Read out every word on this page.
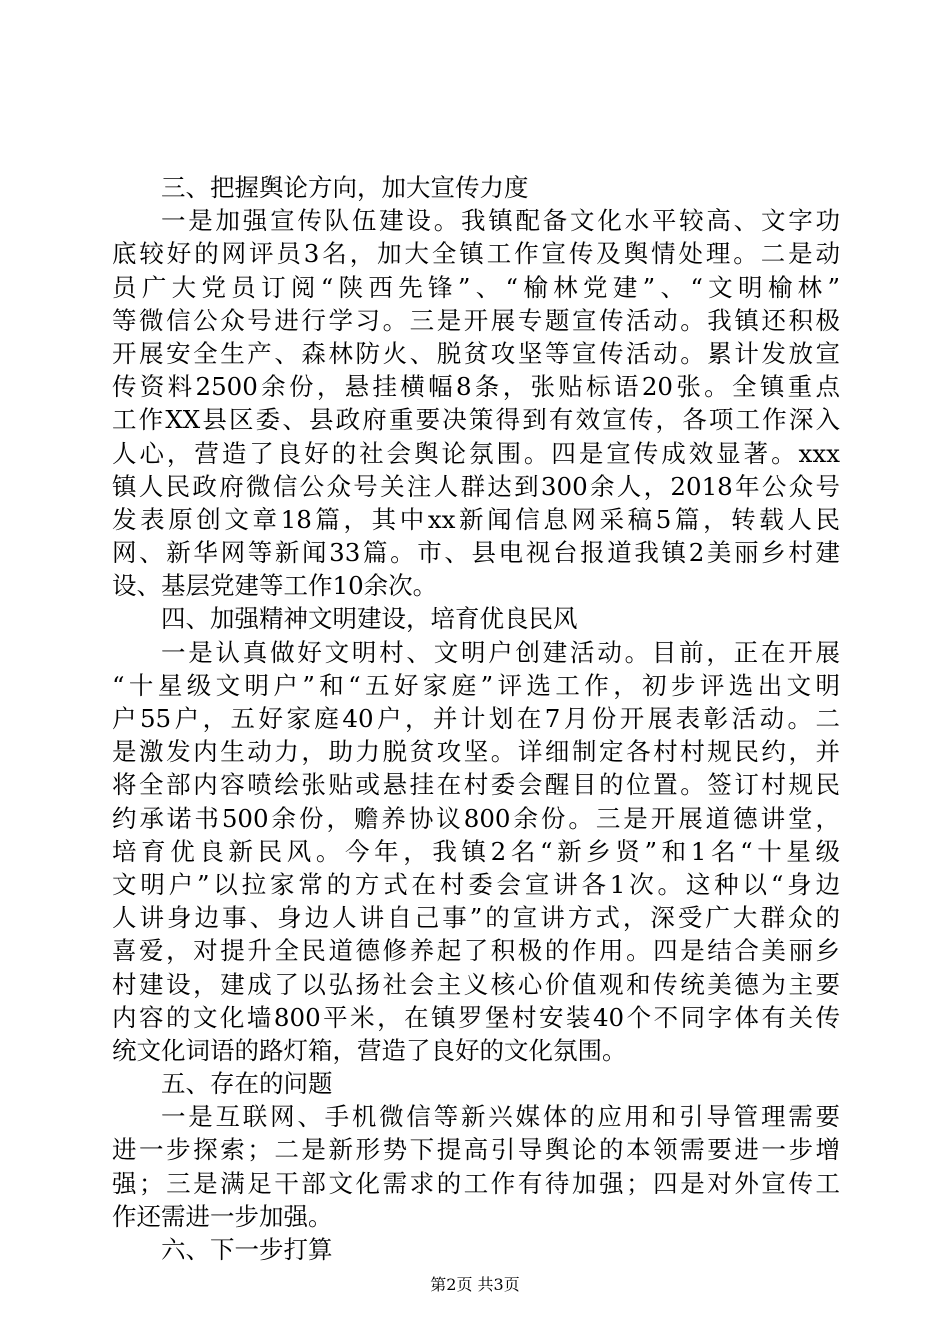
三、把握舆论方向，加大宣传力度
一是加强宣传队伍建设。我镇配备文化水平较高、文字功
底较好的网评员3名，加大全镇工作宣传及舆情处理。二是动
员广大党员订阅“陕西先锋”、“榆林党建”、“文明榆林”
等微信公众号进行学习。三是开展专题宣传活动。我镇还积极
开展安全生产、森林防火、脱贫攻坚等宣传活动。累计发放宣
传资料2500余份，悬挂横幅8条，张贴标语20张。全镇重点
工作XX县区委、县政府重要决策得到有效宣传，各项工作深入
人心，营造了良好的社会舆论氛围。四是宣传成效显著。xxx
镇人民政府微信公众号关注人群达到300余人，2018年公众号
发表原创文章18篇，其中xx新闻信息网采稿5篇，转载人民
网、新华网等新闻33篇。市、县电视台报道我镇2美丽乡村建
设、基层党建等工作10余次。
四、加强精神文明建设，培育优良民风
一是认真做好文明村、文明户创建活动。目前，正在开展
“十星级文明户”和“五好家庭”评选工作，初步评选出文明
户55户，五好家庭40户，并计划在7月份开展表彰活动。二
是激发内生动力，助力脱贫攻坚。详细制定各村村规民约，并
将全部内容喷绘张贴或悬挂在村委会醒目的位置。签订村规民
约承诺书500余份，赡养协议800余份。三是开展道德讲堂，
培育优良新民风。今年，我镇2名“新乡贤”和1名“十星级
文明户”以拉家常的方式在村委会宣讲各1次。这种以“身边
人讲身边事、身边人讲自己事”的宣讲方式，深受广大群众的
喜爱，对提升全民道德修养起了积极的作用。四是结合美丽乡
村建设，建成了以弘扬社会主义核心价值观和传统美德为主要
内容的文化墙800平米，在镇罗堡村安装40个不同字体有关传
统文化词语的路灯箱，营造了良好的文化氛围。
五、存在的问题
一是互联网、手机微信等新兴媒体的应用和引导管理需要
进一步探索；二是新形势下提高引导舆论的本领需要进一步增
强；三是满足干部文化需求的工作有待加强；四是对外宣传工
作还需进一步加强。
六、下一步打算
第2页 共3页
